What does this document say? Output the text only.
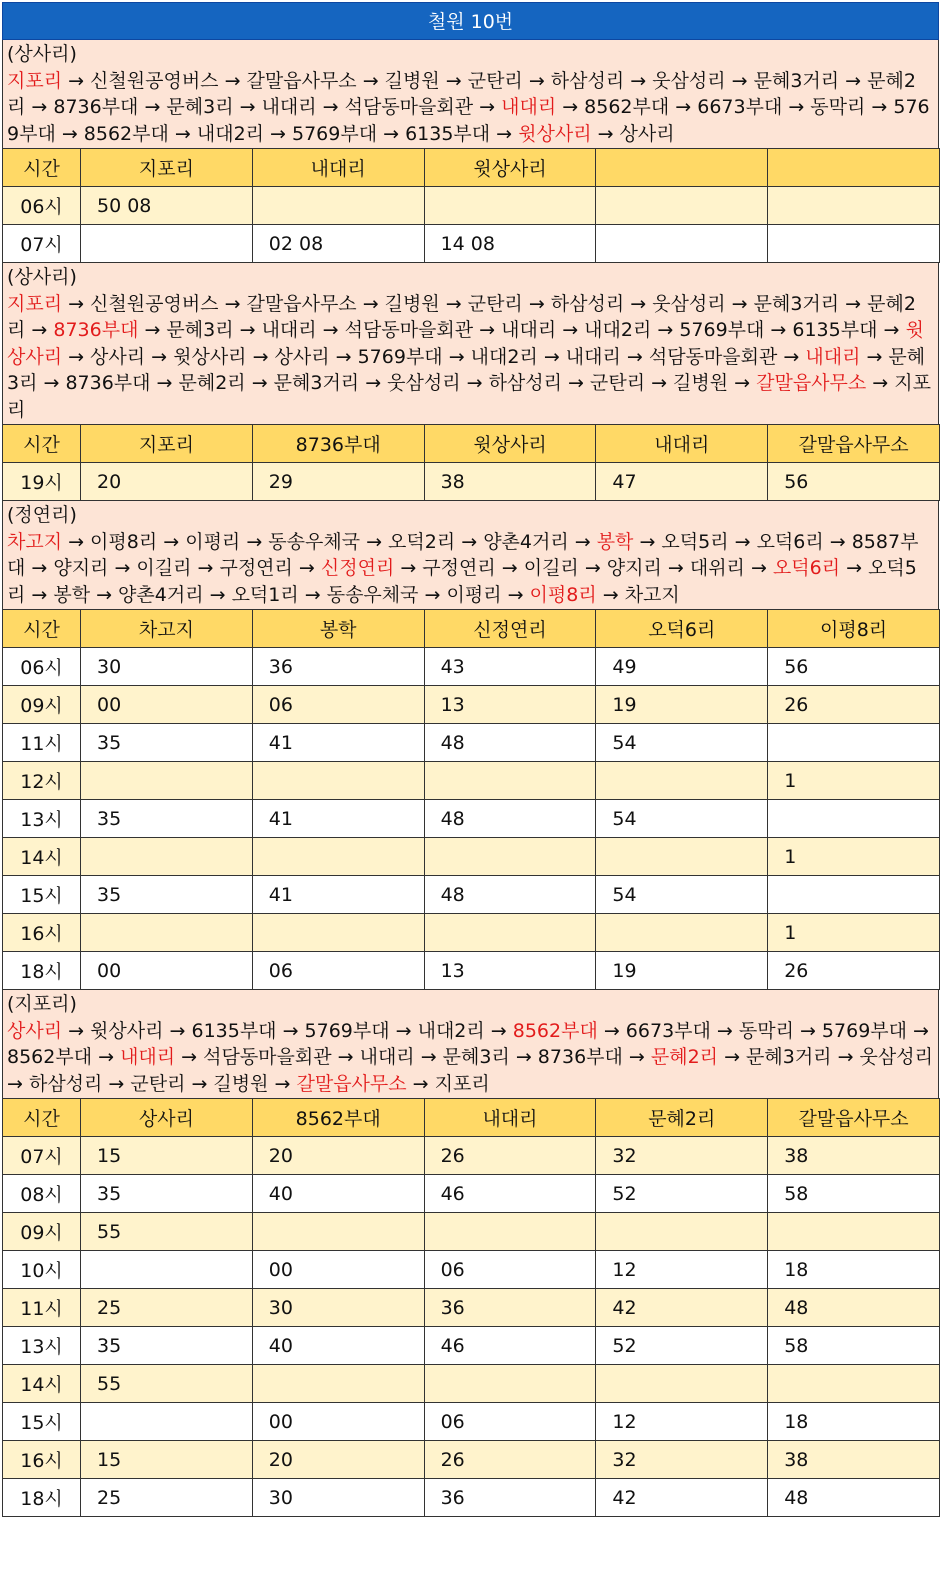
철원 10번
(상사리)
지포리 → 신철원공영버스 → 갈말읍사무소 → 길병원 → 군탄리 → 하삼성리 → 웃삼성리 → 문혜3거리 → 문혜2리 → 8736부대 → 문혜3리 → 내대리 → 석담동마을회관 → 내대리 → 8562부대 → 6673부대 → 동막리 → 5769부대 → 8562부대 → 내대2리 → 5769부대 → 6135부대 → 윗상사리 → 상사리
시간	지포리	내대리	윗상사리		
06시	50 08				
07시		02 08	14 08		
(상사리)
지포리 → 신철원공영버스 → 갈말읍사무소 → 길병원 → 군탄리 → 하삼성리 → 웃삼성리 → 문혜3거리 → 문혜2리 → 8736부대 → 문혜3리 → 내대리 → 석담동마을회관 → 내대리 → 내대2리 → 5769부대 → 6135부대 → 윗상사리 → 상사리 → 윗상사리 → 상사리 → 5769부대 → 내대2리 → 내대리 → 석담동마을회관 → 내대리 → 문혜3리 → 8736부대 → 문혜2리 → 문혜3거리 → 웃삼성리 → 하삼성리 → 군탄리 → 길병원 → 갈말읍사무소 → 지포리
시간	지포리	8736부대	윗상사리	내대리	갈말읍사무소
19시	20	29	38	47	56
(정연리)
차고지 → 이평8리 → 이평리 → 동송우체국 → 오덕2리 → 양촌4거리 → 봉학 → 오덕5리 → 오덕6리 → 8587부대 → 양지리 → 이길리 → 구정연리 → 신정연리 → 구정연리 → 이길리 → 양지리 → 대위리 → 오덕6리 → 오덕5리 → 봉학 → 양촌4거리 → 오덕1리 → 동송우체국 → 이평리 → 이평8리 → 차고지
시간	차고지	봉학	신정연리	오덕6리	이평8리
06시	30	36	43	49	56
09시	00	06	13	19	26
11시	35	41	48	54	
12시					1
13시	35	41	48	54	
14시					1
15시	35	41	48	54	
16시					1
18시	00	06	13	19	26
(지포리)
상사리 → 윗상사리 → 6135부대 → 5769부대 → 내대2리 → 8562부대 → 6673부대 → 동막리 → 5769부대 → 8562부대 → 내대리 → 석담동마을회관 → 내대리 → 문혜3리 → 8736부대 → 문혜2리 → 문혜3거리 → 웃삼성리 → 하삼성리 → 군탄리 → 길병원 → 갈말읍사무소 → 지포리
시간	상사리	8562부대	내대리	문혜2리	갈말읍사무소
07시	15	20	26	32	38
08시	35	40	46	52	58
09시	55				
10시		00	06	12	18
11시	25	30	36	42	48
13시	35	40	46	52	58
14시	55				
15시		00	06	12	18
16시	15	20	26	32	38
18시	25	30	36	42	48
